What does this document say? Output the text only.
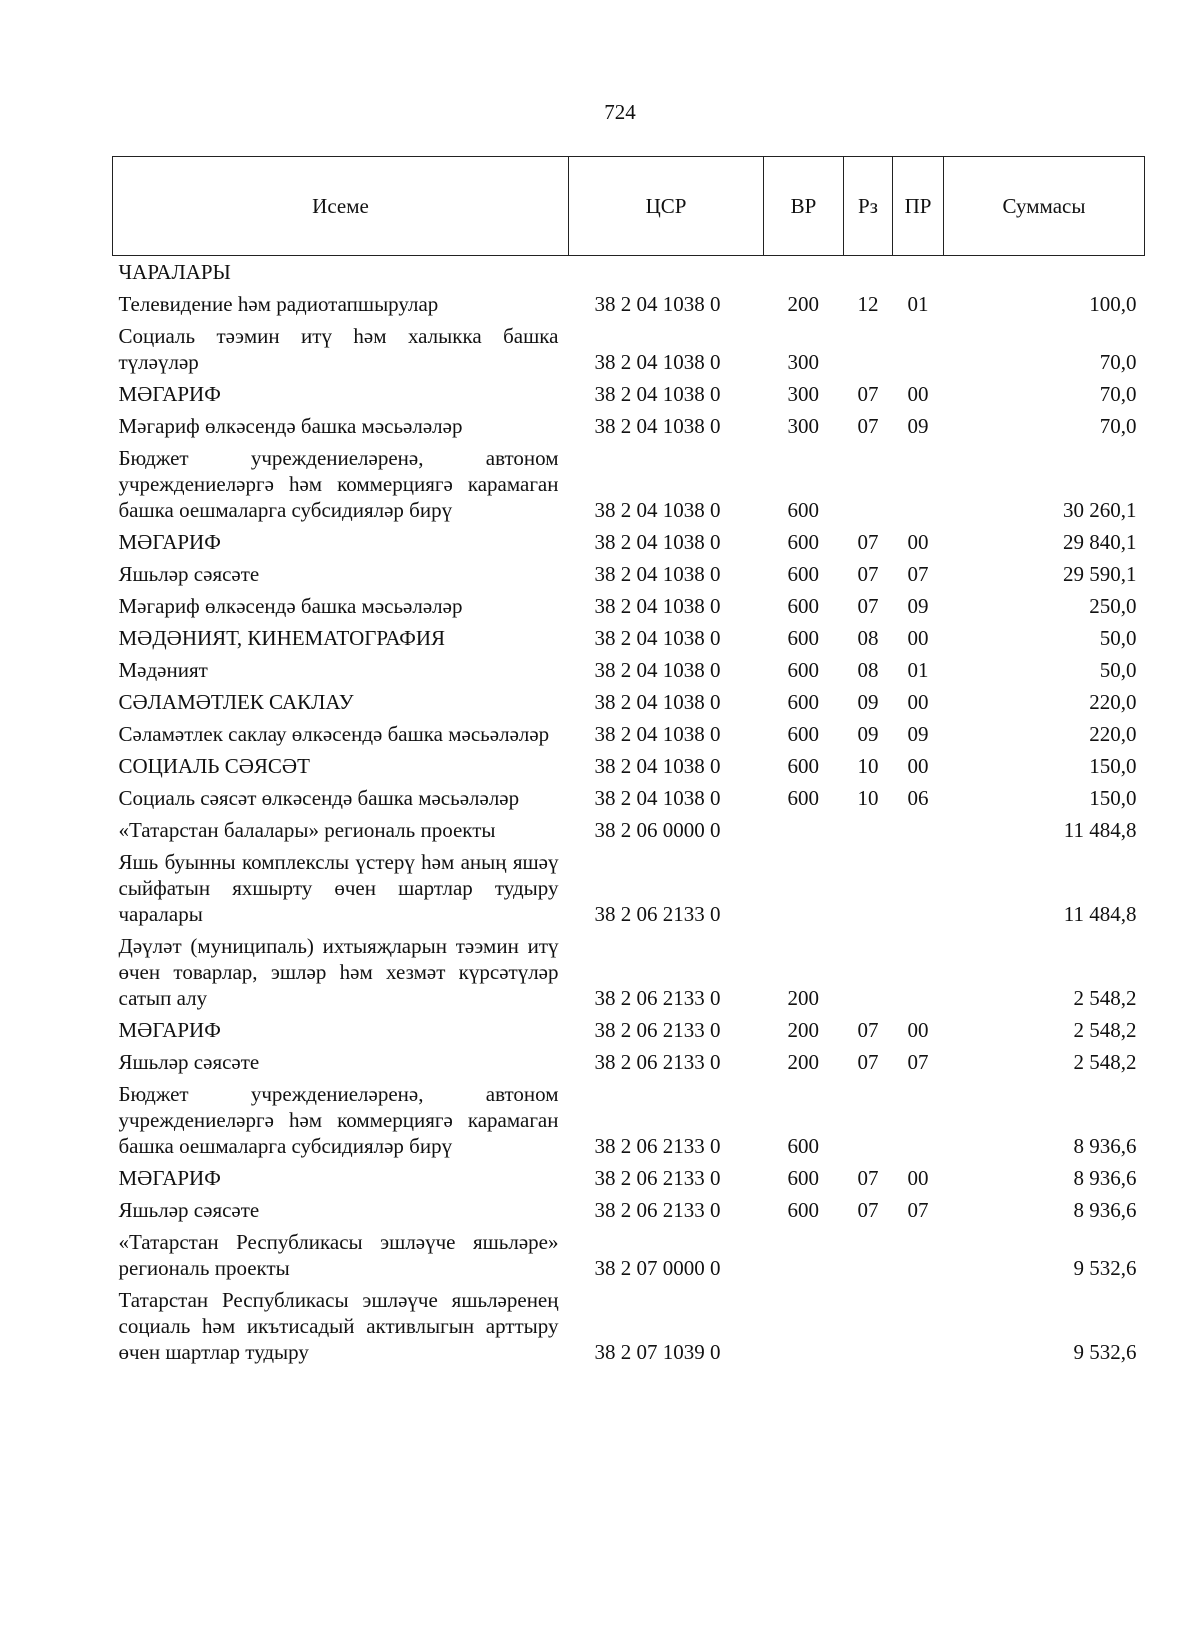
724
Исеме	ЦСР	ВР	Рз	ПР	Суммасы
ЧАРАЛАРЫ					
Телевидение һәм радиотапшырулар	38 2 04 1038 0	200	12	01	100,0
Социаль тәэмин итү һәм халыкка башка түләүләр	38 2 04 1038 0	300			70,0
МӘГАРИФ	38 2 04 1038 0	300	07	00	70,0
Мәгариф өлкәсендә башка мәсьәләләр	38 2 04 1038 0	300	07	09	70,0
Бюджет учреждениеләренә, автоном учреждениеләргә һәм коммерциягә карамаган башка оешмаларга субсидияләр бирү	38 2 04 1038 0	600			30 260,1
МӘГАРИФ	38 2 04 1038 0	600	07	00	29 840,1
Яшьләр сәясәте	38 2 04 1038 0	600	07	07	29 590,1
Мәгариф өлкәсендә башка мәсьәләләр	38 2 04 1038 0	600	07	09	250,0
МӘДӘНИЯТ, КИНЕМАТОГРАФИЯ	38 2 04 1038 0	600	08	00	50,0
Мәдәният	38 2 04 1038 0	600	08	01	50,0
СӘЛАМӘТЛЕК САКЛАУ	38 2 04 1038 0	600	09	00	220,0
Сәламәтлек саклау өлкәсендә башка мәсьәләләр	38 2 04 1038 0	600	09	09	220,0
СОЦИАЛЬ СӘЯСӘТ	38 2 04 1038 0	600	10	00	150,0
Социаль сәясәт өлкәсендә башка мәсьәләләр	38 2 04 1038 0	600	10	06	150,0
«Татарстан балалары» региональ проекты	38 2 06 0000 0				11 484,8
Яшь буынны комплекслы үстерү һәм аның яшәү сыйфатын яхшырту өчен шартлар тудыру чаралары	38 2 06 2133 0				11 484,8
Дәүләт (муниципаль) ихтыяҗларын тәэмин итү өчен товарлар, эшләр һәм хезмәт күрсәтүләр сатып алу	38 2 06 2133 0	200			2 548,2
МӘГАРИФ	38 2 06 2133 0	200	07	00	2 548,2
Яшьләр сәясәте	38 2 06 2133 0	200	07	07	2 548,2
Бюджет учреждениеләренә, автоном учреждениеләргә һәм коммерциягә карамаган башка оешмаларга субсидияләр бирү	38 2 06 2133 0	600			8 936,6
МӘГАРИФ	38 2 06 2133 0	600	07	00	8 936,6
Яшьләр сәясәте	38 2 06 2133 0	600	07	07	8 936,6
«Татарстан Республикасы эшләүче яшьләре» региональ проекты	38 2 07 0000 0				9 532,6
Татарстан Республикасы эшләүче яшьләренең социаль һәм икътисадый активлыгын арттыру өчен шартлар тудыру	38 2 07 1039 0				9 532,6
